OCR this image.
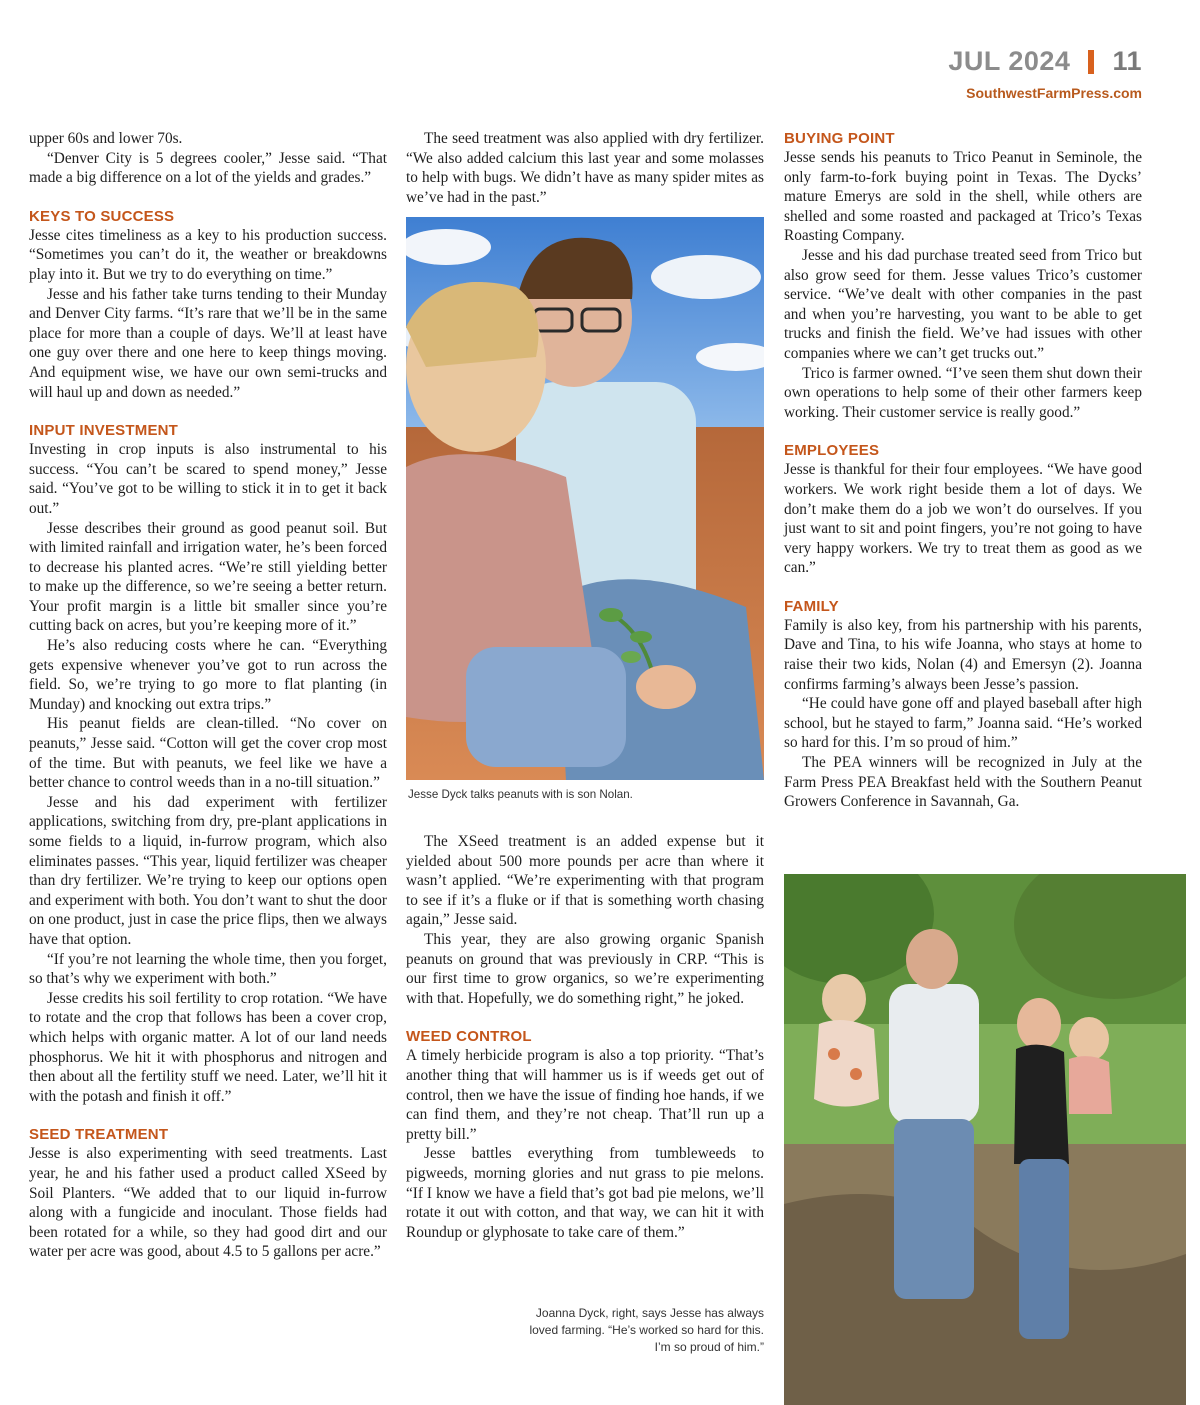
JUL 2024 11
SouthwestFarmPress.com

upper 60s and lower 70s.

“Denver City is 5 degrees cooler,” Jesse said. “That made a big difference on a lot of the yields and grades.”

KEYS TO SUCCESS

Jesse cites timeliness as a key to his production success. “Sometimes you can’t do it, the weather or breakdowns play into it. But we try to do everything on time.”

Jesse and his father take turns tending to their Munday and Denver City farms. “It’s rare that we’ll be in the same place for more than a couple of days. We’ll at least have one guy over there and one here to keep things moving. And equipment wise, we have our own semi-trucks and will haul up and down as needed.”

INPUT INVESTMENT

Investing in crop inputs is also instrumental to his success. “You can’t be scared to spend money,” Jesse said. “You’ve got to be willing to stick it in to get it back out.”

Jesse describes their ground as good peanut soil. But with limited rainfall and irrigation water, he’s been forced to decrease his planted acres. “We’re still yielding better to make up the difference, so we’re seeing a better return. Your profit margin is a little bit smaller since you’re cutting back on acres, but you’re keeping more of it.”

He’s also reducing costs where he can. “Everything gets expensive whenever you’ve got to run across the field. So, we’re trying to go more to flat planting (in Munday) and knocking out extra trips.”

His peanut fields are clean-tilled. “No cover on peanuts,” Jesse said. “Cotton will get the cover crop most of the time. But with peanuts, we feel like we have a better chance to control weeds than in a no-till situation.”

Jesse and his dad experiment with fertilizer applications, switching from dry, pre-plant applications in some fields to a liquid, in-furrow program, which also eliminates passes. “This year, liquid fertilizer was cheaper than dry fertilizer. We’re trying to keep our options open and experiment with both. You don’t want to shut the door on one product, just in case the price flips, then we always have that option.

“If you’re not learning the whole time, then you forget, so that’s why we experiment with both.”

Jesse credits his soil fertility to crop rotation. “We have to rotate and the crop that follows has been a cover crop, which helps with organic matter. A lot of our land needs phosphorus. We hit it with phosphorus and nitrogen and then about all the fertility stuff we need. Later, we’ll hit it with the potash and finish it off.”

SEED TREATMENT

Jesse is also experimenting with seed treatments. Last year, he and his father used a product called XSeed by Soil Planters. “We added that to our liquid in-furrow along with a fungicide and inoculant. Those fields had been rotated for a while, so they had good dirt and our water per acre was good, about 4.5 to 5 gallons per acre.”

The seed treatment was also applied with dry fertilizer. “We also added calcium this last year and some molasses to help with bugs. We didn’t have as many spider mites as we’ve had in the past.”

Jesse Dyck talks peanuts with is son Nolan.

The XSeed treatment is an added expense but it yielded about 500 more pounds per acre than where it wasn’t applied. “We’re experimenting with that program to see if it’s a fluke or if that is something worth chasing again,” Jesse said.

This year, they are also growing organic Spanish peanuts on ground that was previously in CRP. “This is our first time to grow organics, so we’re experimenting with that. Hopefully, we do something right,” he joked.

WEED CONTROL

A timely herbicide program is also a top priority. “That’s another thing that will hammer us is if weeds get out of control, then we have the issue of finding hoe hands, if we can find them, and they’re not cheap. That’ll run up a pretty bill.”

Jesse battles everything from tumbleweeds to pigweeds, morning glories and nut grass to pie melons. “If I know we have a field that’s got bad pie melons, we’ll rotate it out with cotton, and that way, we can hit it with Roundup or glyphosate to take care of them.”

Joanna Dyck, right, says Jesse has always loved farming. “He’s worked so hard for this. I’m so proud of him.”
BUYING POINT

Jesse sends his peanuts to Trico Peanut in Seminole, the only farm-to-fork buying point in Texas. The Dycks’ mature Emerys are sold in the shell, while others are shelled and some roasted and packaged at Trico’s Texas Roasting Company.

Jesse and his dad purchase treated seed from Trico but also grow seed for them. Jesse values Trico’s customer service. “We’ve dealt with other companies in the past and when you’re harvesting, you want to be able to get trucks and finish the field. We’ve had issues with other companies where we can’t get trucks out.”

Trico is farmer owned. “I’ve seen them shut down their own operations to help some of their other farmers keep working. Their customer service is really good.”

EMPLOYEES

Jesse is thankful for their four employees. “We have good workers. We work right beside them a lot of days. We don’t make them do a job we won’t do ourselves. If you just want to sit and point fingers, you’re not going to have very happy workers. We try to treat them as good as we can.”

FAMILY

Family is also key, from his partnership with his parents, Dave and Tina, to his wife Joanna, who stays at home to raise their two kids, Nolan (4) and Emersyn (2). Joanna confirms farming’s always been Jesse’s passion.

“He could have gone off and played baseball after high school, but he stayed to farm,” Joanna said. “He’s worked so hard for this. I’m so proud of him.”

The PEA winners will be recognized in July at the Farm Press PEA Breakfast held with the Southern Peanut Growers Conference in Savannah, Ga.
